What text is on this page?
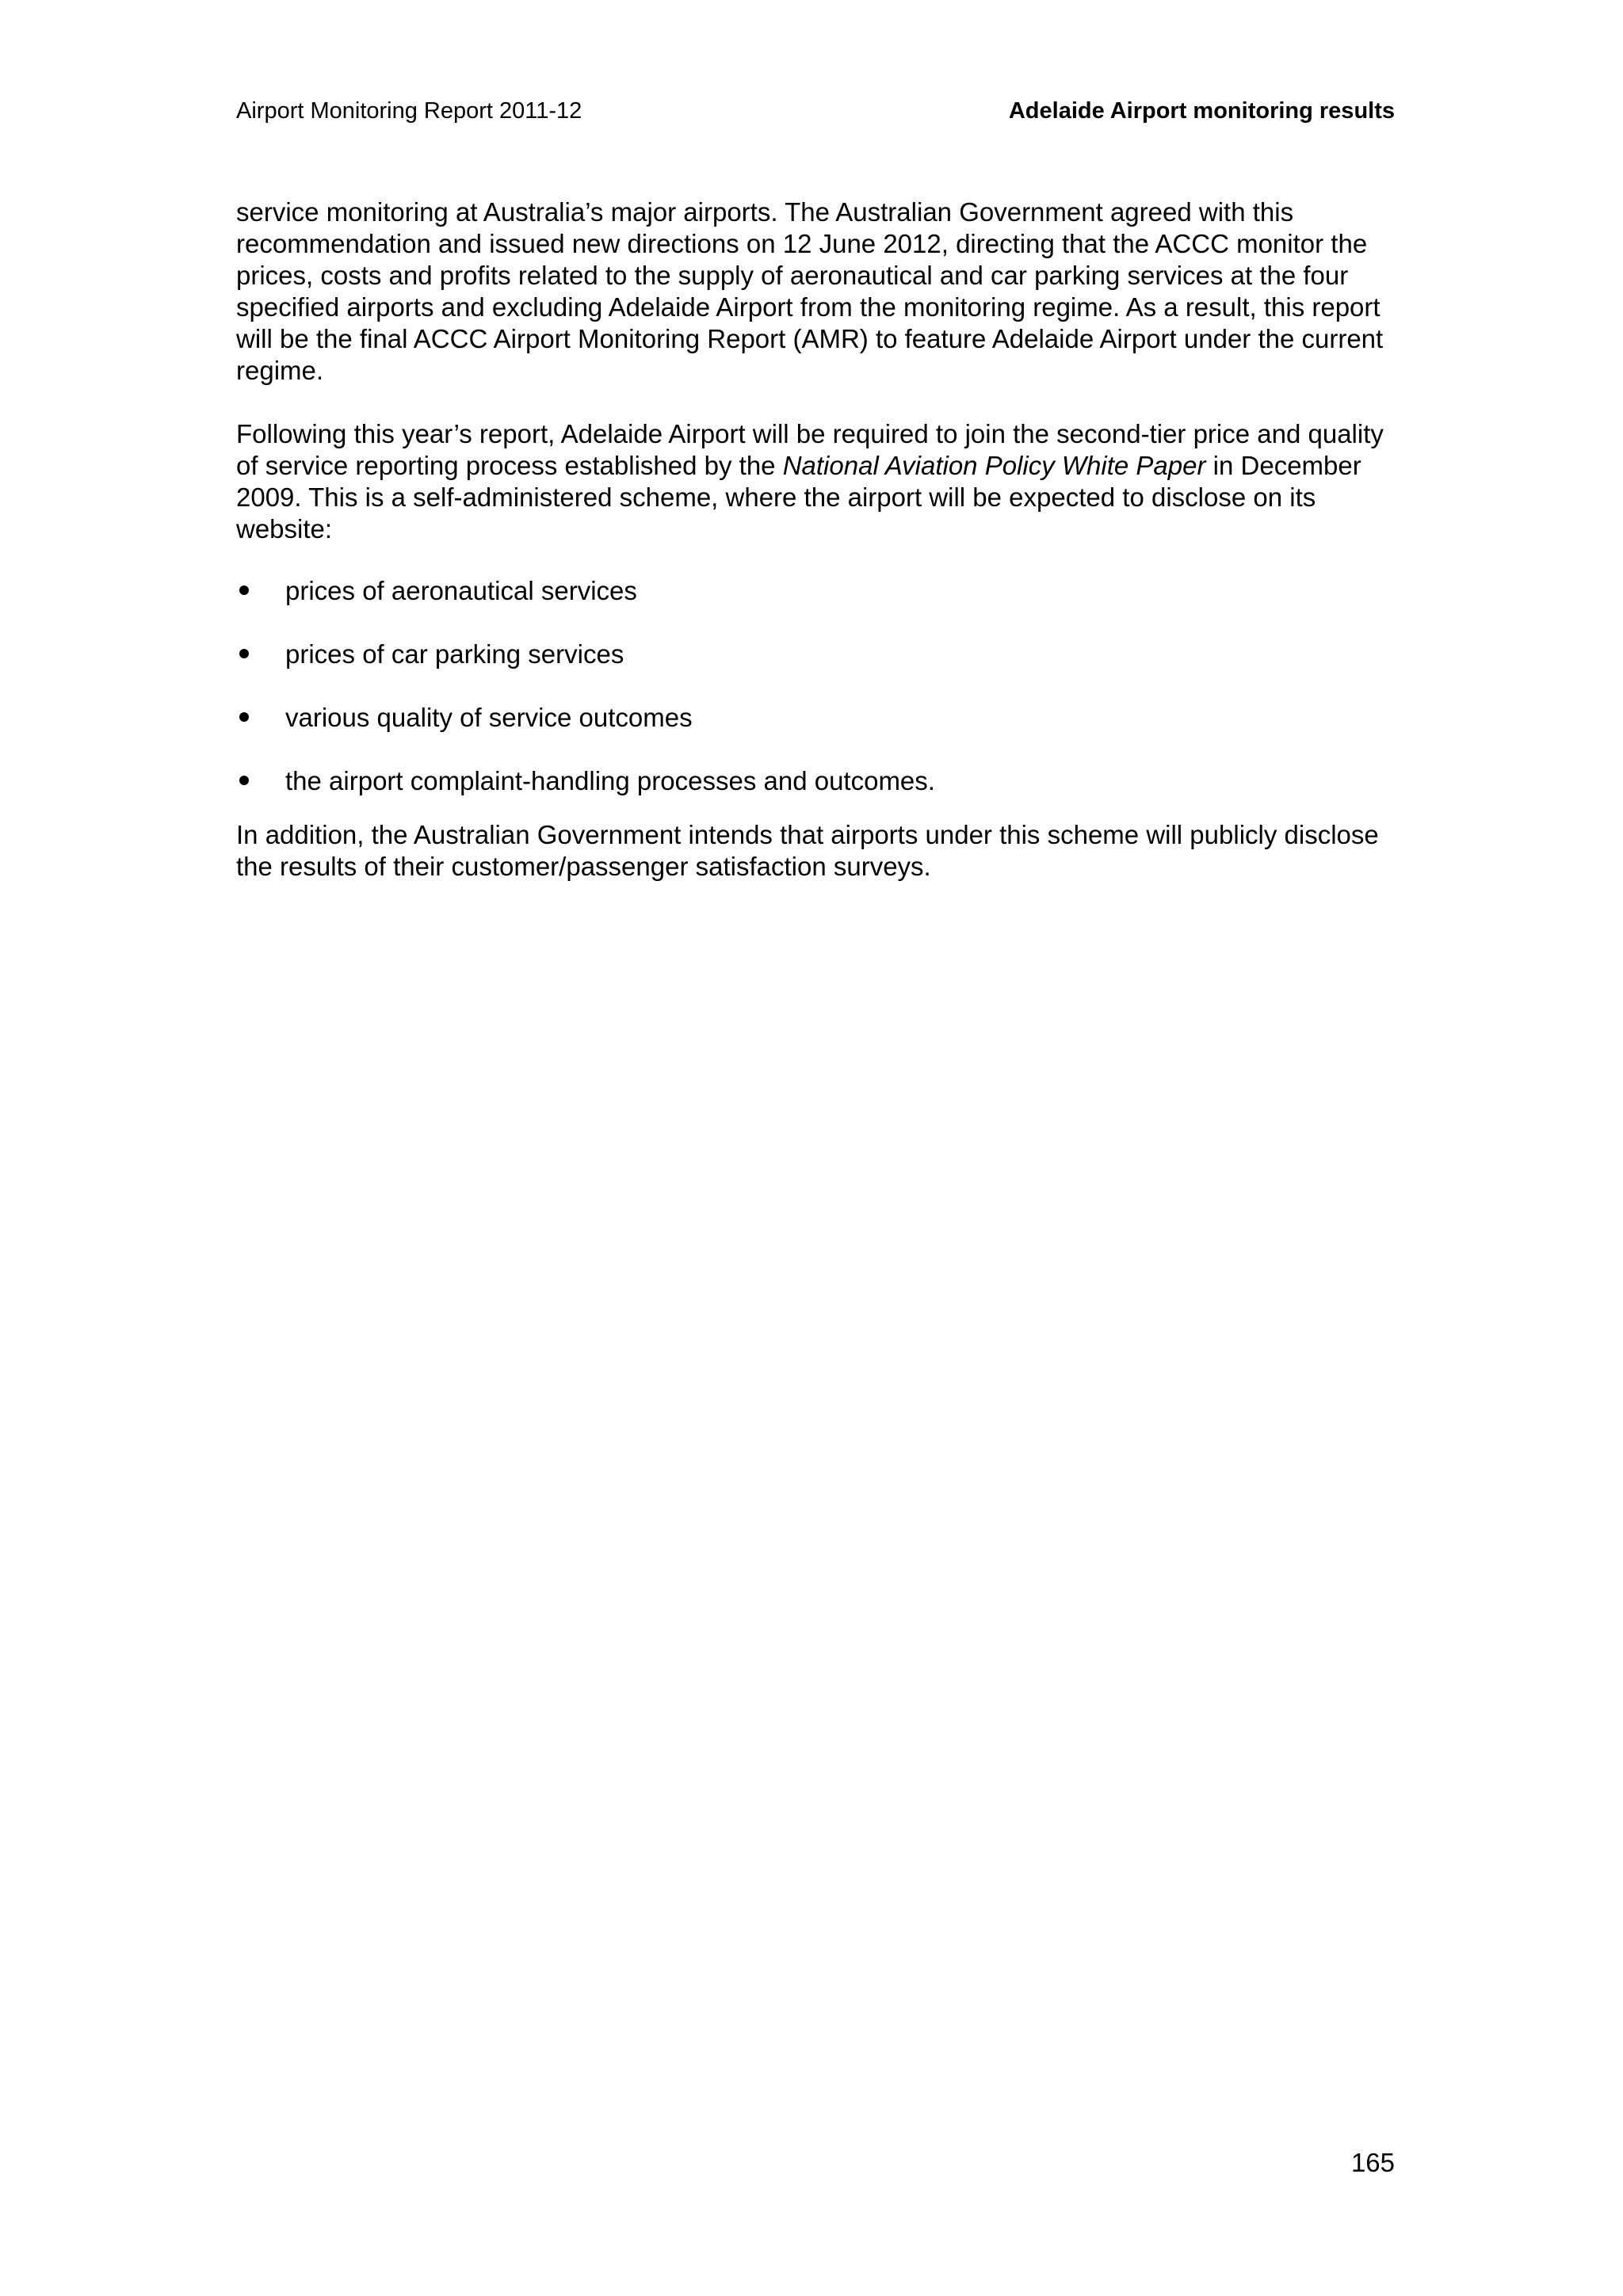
Airport Monitoring Report 2011-12	Adelaide Airport monitoring results

service monitoring at Australia’s major airports. The Australian Government agreed with this recommendation and issued new directions on 12 June 2012, directing that the ACCC monitor the prices, costs and profits related to the supply of aeronautical and car parking services at the four specified airports and excluding Adelaide Airport from the monitoring regime. As a result, this report will be the final ACCC Airport Monitoring Report (AMR) to feature Adelaide Airport under the current regime.

Following this year’s report, Adelaide Airport will be required to join the second-tier price and quality of service reporting process established by the National Aviation Policy White Paper in December 2009. This is a self-administered scheme, where the airport will be expected to disclose on its website:

prices of aeronautical services
prices of car parking services
various quality of service outcomes
the airport complaint-handling processes and outcomes.

In addition, the Australian Government intends that airports under this scheme will publicly disclose the results of their customer/passenger satisfaction surveys.

165
